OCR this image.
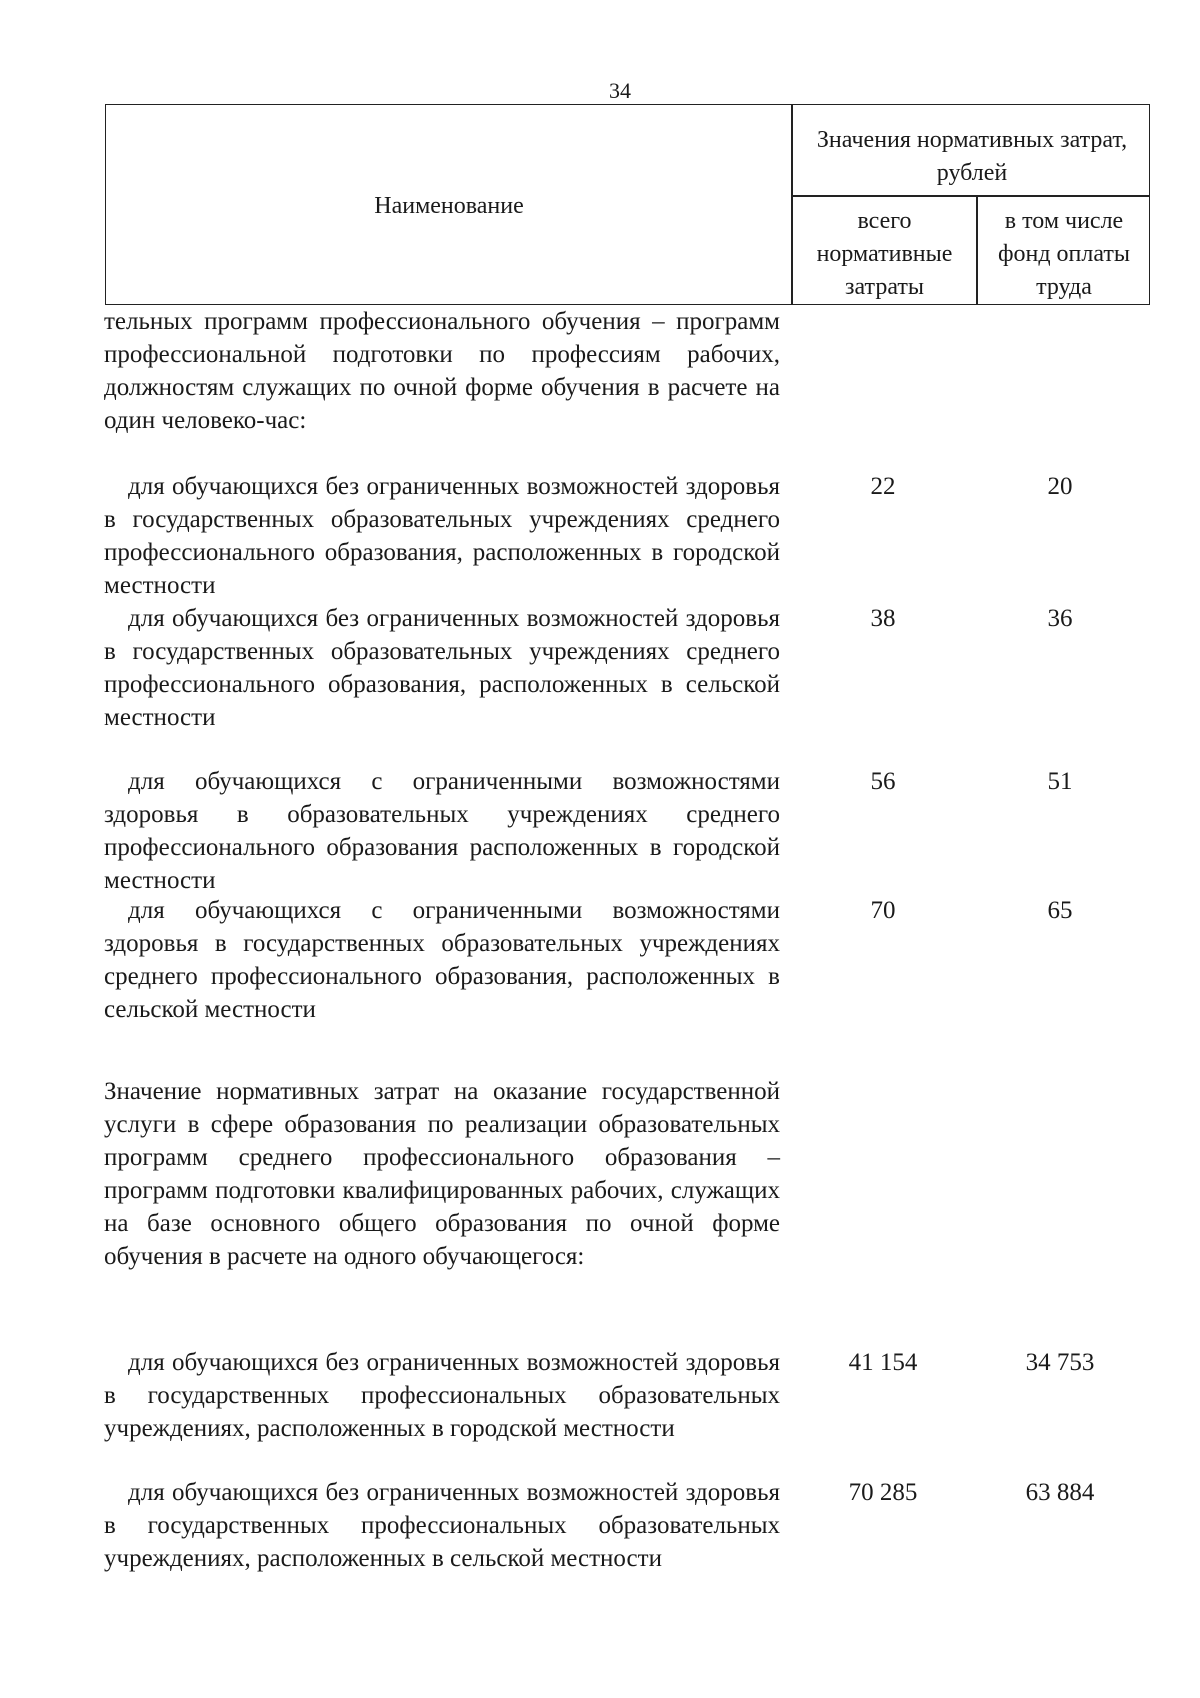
34
Наименование
Значения нормативных затрат, рублей
всего нормативные затраты
в том числе фонд оплаты труда
тельных программ профессионального обучения – программ профессиональной подготовки по профессиям рабочих, должностям служащих по очной форме обучения в расчете на один человеко-час:
для обучающихся без ограниченных возможностей здоровья в государственных образовательных учреждениях среднего профессионального образования, расположенных в городской местности
22	20
для обучающихся без ограниченных возможностей здоровья в государственных образовательных учреждениях среднего профессионального образования, расположенных в сельской местности
38	36
для обучающихся с ограниченными возможностями здоровья в образовательных учреждениях среднего профессионального образования расположенных в городской местности
56	51
для обучающихся с ограниченными возможностями здоровья в государственных образовательных учреждениях среднего профессионального образования, расположенных в сельской местности
70	65
Значение нормативных затрат на оказание государственной услуги в сфере образования по реализации образовательных программ среднего профессионального образования – программ подготовки квалифицированных рабочих, служащих на базе основного общего образования по очной форме обучения в расчете на одного обучающегося:
для обучающихся без ограниченных возможностей здоровья в государственных профессиональных образовательных учреждениях, расположенных в городской местности
41 154	34 753
для обучающихся без ограниченных возможностей здоровья в государственных профессиональных образовательных учреждениях, расположенных в сельской местности
70 285	63 884
